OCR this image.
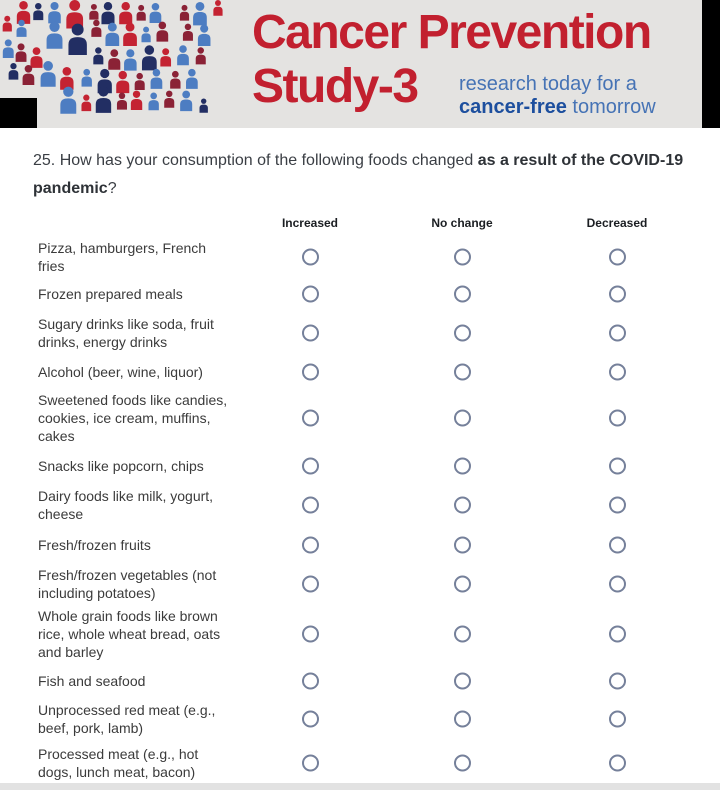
Cancer Prevention
Study-3	research today for a
cancer-free tomorrow

25. How has your consumption of the following foods changed as a result of the COVID-19 pandemic?

Increased	No change	Decreased
Pizza, hamburgers, French fries
Frozen prepared meals
Sugary drinks like soda, fruit drinks, energy drinks
Alcohol (beer, wine, liquor)
Sweetened foods like candies, cookies, ice cream, muffins, cakes
Snacks like popcorn, chips
Dairy foods like milk, yogurt, cheese
Fresh/frozen fruits
Fresh/frozen vegetables (not including potatoes)
Whole grain foods like brown rice, whole wheat bread, oats and barley
Fish and seafood
Unprocessed red meat (e.g., beef, pork, lamb)
Processed meat (e.g., hot dogs, lunch meat, bacon)
